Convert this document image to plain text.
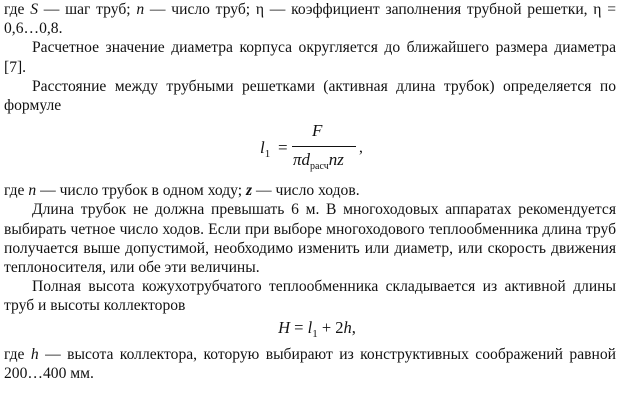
где S — шаг труб; n — число труб; η — коэффициент заполнения трубной решетки, η = 0,6…0,8.

Расчетное значение диаметра корпуса округляется до ближайшего размера диаметра [7].

Расстояние между трубными решетками (активная длина трубок) определяется по формуле

$l_1$ =
F
$\pi d_{расч}nz$
,

где n — число трубок в одном ходу; z — число ходов.

Длина трубок не должна превышать 6 м. В многоходовых аппаратах рекомендуется выбирать четное число ходов. Если при выборе многоходового теплообменника длина труб получается выше допустимой, необходимо изменить или диаметр, или скорость движения теплоносителя, или обе эти величины.

Полная высота кожухотрубчатого теплообменника складывается из активной длины труб и высоты коллекторов

$H = l_1 + 2h$,

где h — высота коллектора, которую выбирают из конструктивных соображений равной 200…400 мм.
